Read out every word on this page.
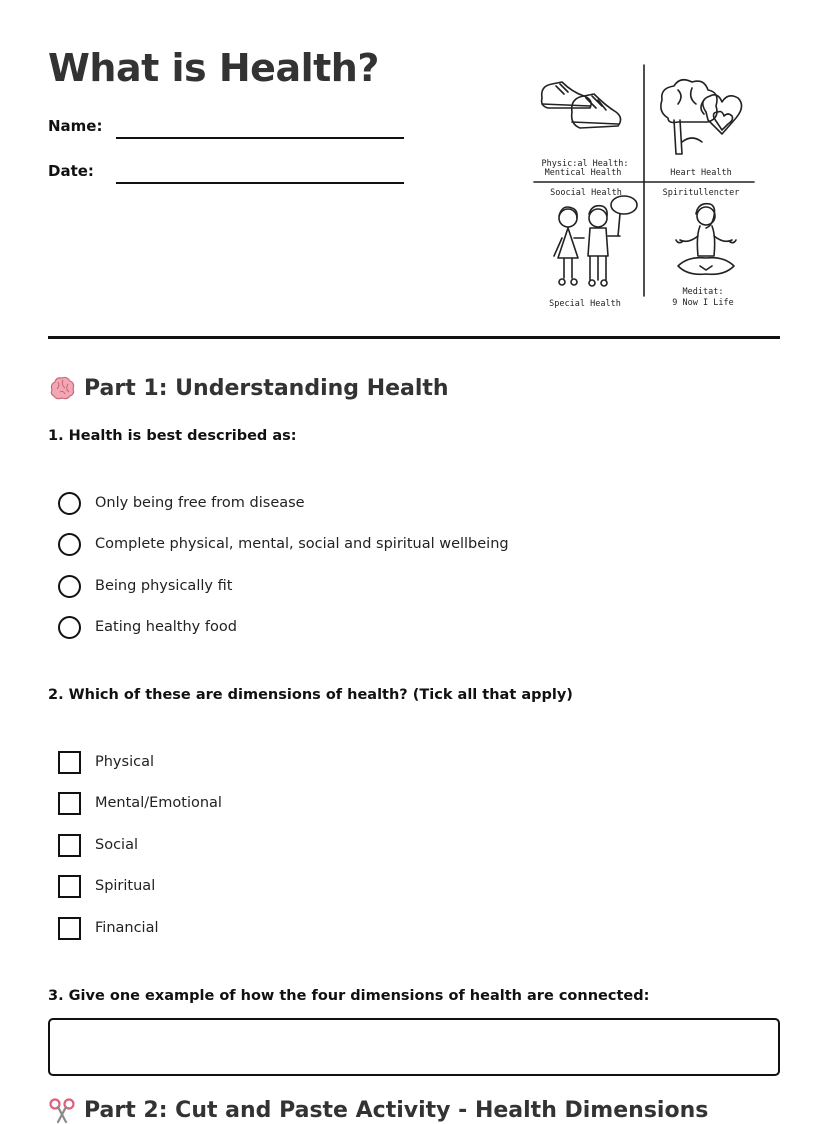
What is Health?
Name:
Date:	Physic:al Health:
Mentical Health	Heart Health
Soocial Health	Spiritullencter
Special Health
Meditat:
9 Now I Life
Part 1: Understanding Health

1. Health is best described as:

Only being free from disease
Complete physical, mental, social and spiritual wellbeing
Being physically fit
Eating healthy food

2. Which of these are dimensions of health? (Tick all that apply)

Physical
Mental/Emotional
Social
Spiritual
Financial

3. Give one example of how the four dimensions of health are connected:

Part 2: Cut and Paste Activity - Health Dimensions
